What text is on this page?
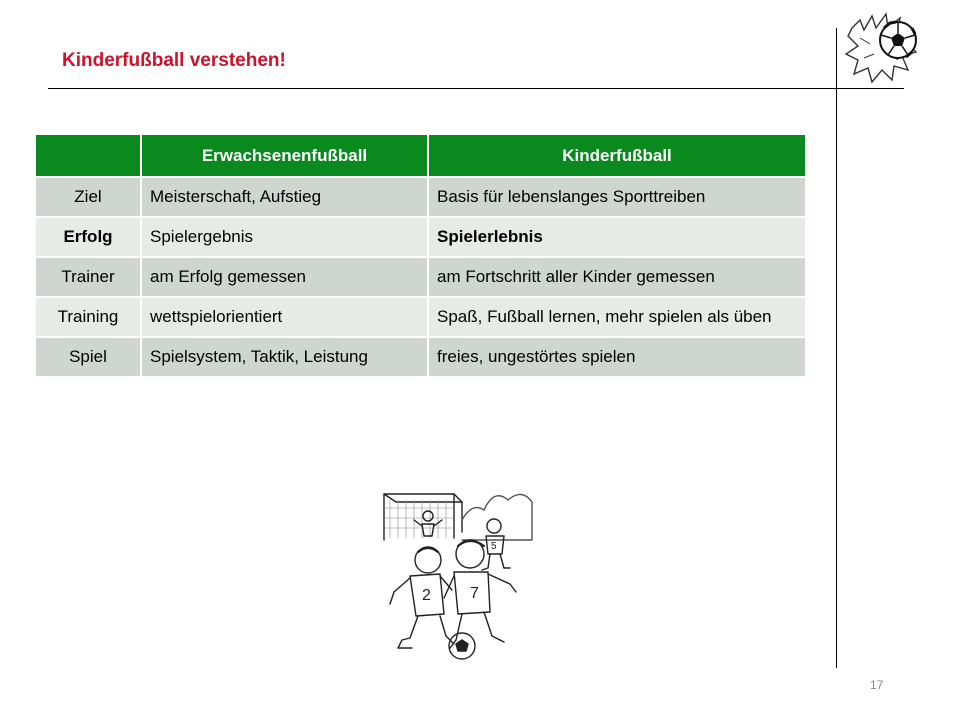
Kinderfußball verstehen!
	Erwachsenenfußball	Kinderfußball
Ziel	Meisterschaft, Aufstieg	Basis für lebenslanges Sporttreiben
Erfolg	Spielergebnis	Spielerlebnis
Trainer	am Erfolg gemessen	am Fortschritt aller Kinder gemessen
Training	wettspielorientiert	Spaß, Fußball lernen, mehr spielen als üben
Spiel	Spielsystem, Taktik, Leistung	freies, ungestörtes spielen
5
2 7
17
